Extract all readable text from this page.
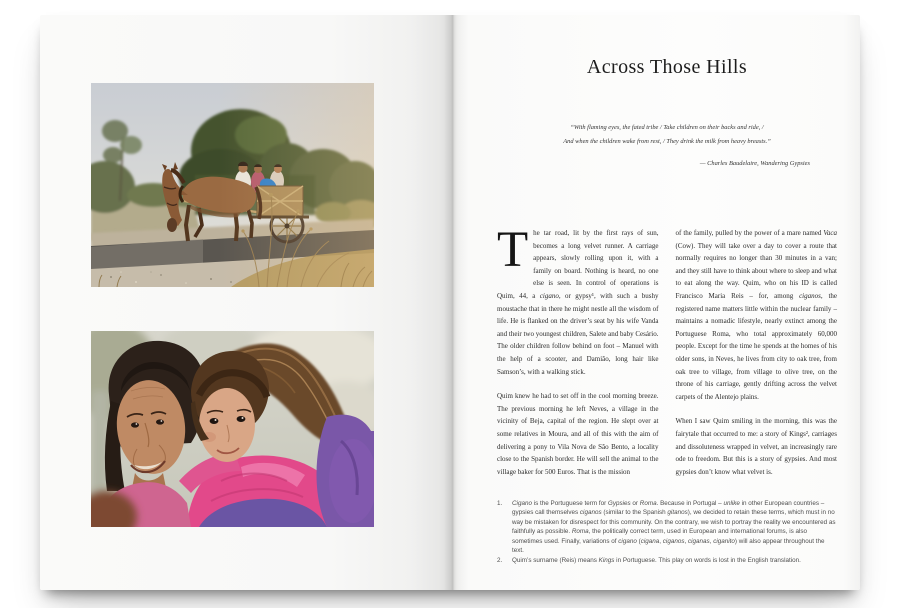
Across Those Hills

“With flaming eyes, the fated tribe / Take children on their backs and ride, /

And when the children wake from rest, / They drink the milk from heavy breasts.”

— Charles Baudelaire, Wandering Gypsies

The tar road, lit by the first rays of sun, becomes a long velvet runner. A carriage appears, slowly rolling upon it, with a family on board. Nothing is heard, no one else is seen. In control of operations is Quim, 44, a cigano, or gypsy¹, with such a bushy moustache that in there he might nestle all the wisdom of life. He is flanked on the driver’s seat by his wife Vanda and their two youngest children, Salete and baby Cesário. The older children follow behind on foot – Manuel with the help of a scooter, and Damião, long hair like Samson’s, with a walking stick.

Quim knew he had to set off in the cool morning breeze. The previous morning he left Neves, a village in the vicinity of Beja, capital of the region. He slept over at some relatives in Moura, and all of this with the aim of delivering a pony to Vila Nova de São Bento, a locality close to the Spanish border. He will sell the animal to the village baker for 500 Euros. That is the mission

of the family, pulled by the power of a mare named Vaca (Cow). They will take over a day to cover a route that normally requires no longer than 30 minutes in a van; and they still have to think about where to sleep and what to eat along the way. Quim, who on his ID is called Francisco Maria Reis – for, among ciganos, the registered name matters little within the nuclear family – maintains a nomadic lifestyle, nearly extinct among the Portuguese Roma, who total approximately 60,000 people. Except for the time he spends at the homes of his older sons, in Neves, he lives from city to oak tree, from oak tree to village, from village to olive tree, on the throne of his carriage, gently drifting across the velvet carpets of the Alentejo plains.

When I saw Quim smiling in the morning, this was the fairytale that occurred to me: a story of Kings², carriages and dissoluteness wrapped in velvet, an increasingly rare ode to freedom. But this is a story of gypsies. And most gypsies don’t know what velvet is.

1.	Cigano is the Portuguese term for Gypsies or Roma. Because in Portugal – unlike in other European countries – gypsies call themselves ciganos (similar to the Spanish gitanos), we decided to retain these terms, which must in no way be mistaken for disrespect for this community. On the contrary, we wish to portray the reality we encountered as faithfully as possible. Roma, the politically correct term, used in European and international forums, is also sometimes used. Finally, variations of cigano (cigana, ciganos, ciganas, ciganito) will also appear throughout the text.
2.	Quim’s surname (Reis) means Kings in Portuguese. This play on words is lost in the English translation.
